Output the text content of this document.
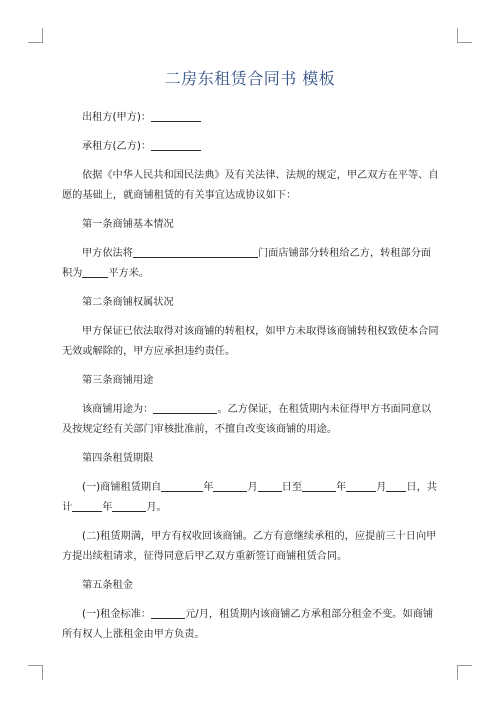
二房东租赁合同书 模板

出租方(甲方)：

承租方(乙方)：

依据《中华人民共和国民法典》及有关法律、法规的规定，甲乙双方在平等、自愿的基础上，就商铺租赁的有关事宜达成协议如下：

第一条商铺基本情况

甲方依法将	门面店铺部分转租给乙方，转租部分面积为	平方米。

第二条商铺权属状况

甲方保证已依法取得对该商铺的转租权，如甲方未取得该商铺转租权致使本合同无效或解除的，甲方应承担违约责任。

第三条商铺用途

该商铺用途为：	。乙方保证，在租赁期内未征得甲方书面同意以及按规定经有关部门审核批准前，不擅自改变该商铺的用途。

第四条租赁期限

(一)商铺租赁期自	年	月 日至	年	月 日，共计	年	月。

(二)租赁期满，甲方有权收回该商铺。乙方有意继续承租的，应提前三十日向甲方提出续租请求，征得同意后甲乙双方重新签订商铺租赁合同。

第五条租金

(一)租金标准：	元/月，租赁期内该商铺乙方承租部分租金不变。如商铺所有权人上涨租金由甲方负责。
